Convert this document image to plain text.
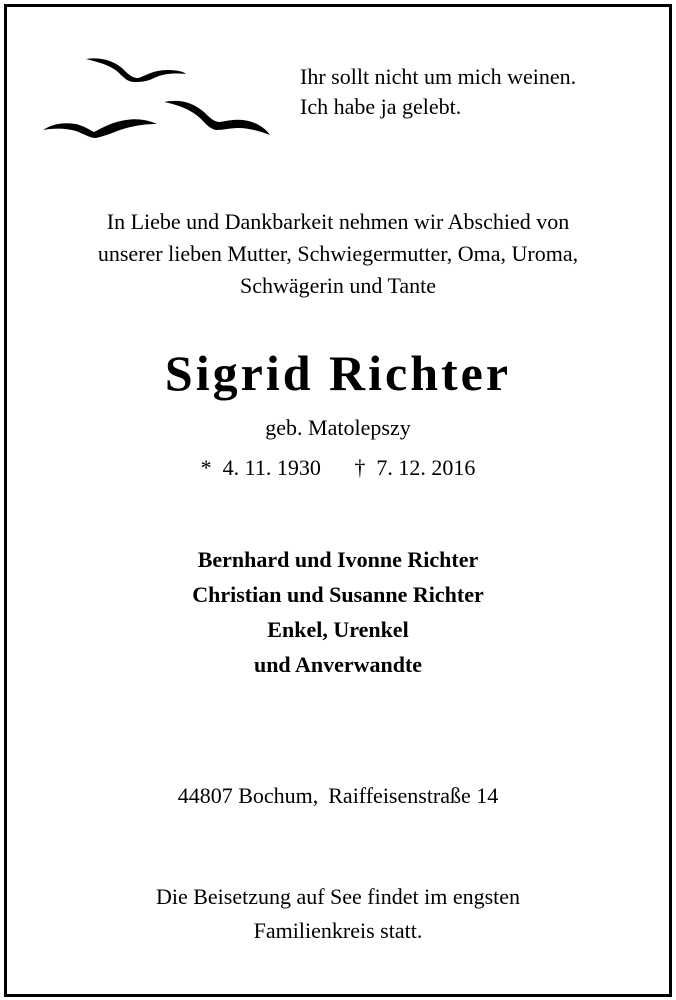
Ihr sollt nicht um mich weinen.
Ich habe ja gelebt.
In Liebe und Dankbarkeit nehmen wir Abschied von
unserer lieben Mutter, Schwiegermutter, Oma, Uroma,
Schwägerin und Tante
Sigrid Richter
geb. Matolepszy
* 4. 11. 1930 † 7. 12. 2016
Bernhard und Ivonne Richter
Christian und Susanne Richter
Enkel, Urenkel
und Anverwandte
44807 Bochum, Raiffeisenstraße 14
Die Beisetzung auf See findet im engsten
Familienkreis statt.
